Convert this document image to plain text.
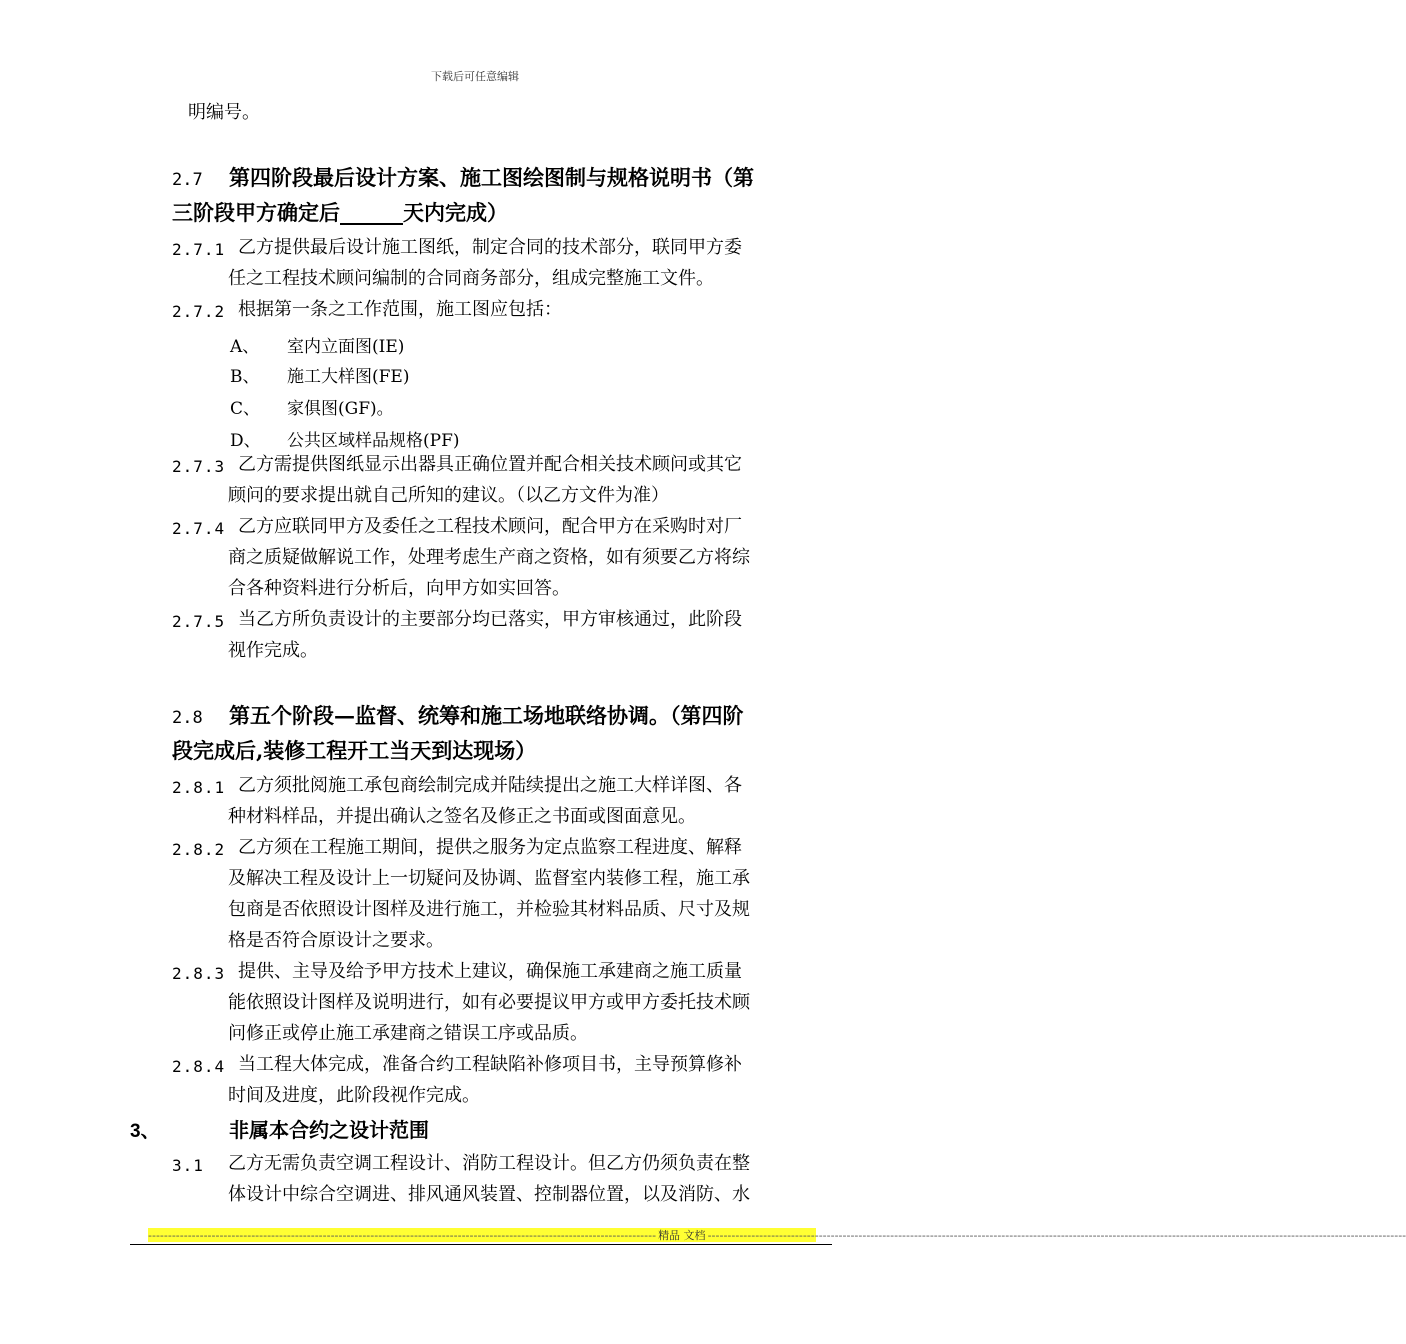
下载后可任意编辑
明编号。
2.7 第四阶段最后设计方案、施工图绘图制与规格说明书（第
三阶段甲方确定后______天内完成）
2.7.1 乙方提供最后设计施工图纸，制定合同的技术部分，联同甲方委
任之工程技术顾问编制的合同商务部分，组成完整施工文件。
2.7.2 根据第一条之工作范围，施工图应包括：
A、 室内立面图(IE)
B、 施工大样图(FE)
C、 家俱图(GF)。
D、 公共区域样品规格(PF)
2.7.3 乙方需提供图纸显示出器具正确位置并配合相关技术顾问或其它
顾问的要求提出就自己所知的建议。（以乙方文件为准）
2.7.4 乙方应联同甲方及委任之工程技术顾问，配合甲方在采购时对厂
商之质疑做解说工作，处理考虑生产商之资格，如有须要乙方将综
合各种资料进行分析后，向甲方如实回答。
2.7.5 当乙方所负责设计的主要部分均已落实，甲方审核通过，此阶段
视作完成。
2.8 第五个阶段—监督、统筹和施工场地联络协调。（第四阶
段完成后,装修工程开工当天到达现场）
2.8.1 乙方须批阅施工承包商绘制完成并陆续提出之施工大样详图、各
种材料样品，并提出确认之签名及修正之书面或图面意见。
2.8.2 乙方须在工程施工期间，提供之服务为定点监察工程进度、解释
及解决工程及设计上一切疑问及协调、监督室内装修工程，施工承
包商是否依照设计图样及进行施工，并检验其材料品质、尺寸及规
格是否符合原设计之要求。
2.8.3 提供、主导及给予甲方技术上建议，确保施工承建商之施工质量
能依照设计图样及说明进行，如有必要提议甲方或甲方委托技术顾
问修正或停止施工承建商之错误工序或品质。
2.8.4 当工程大体完成，准备合约工程缺陷补修项目书，主导预算修补
时间及进度，此阶段视作完成。
3、	非属本合约之设计范围
3.1 乙方无需负责空调工程设计、消防工程设计。但乙方仍须负责在整
体设计中综合空调进、排风通风装置、控制器位置，以及消防、水
-------------------------------------------------------------------------------------------------------------------------------- 精品 文档 --------------------------------------------------------------------------------------------------------------------------------------------------------------------------------
